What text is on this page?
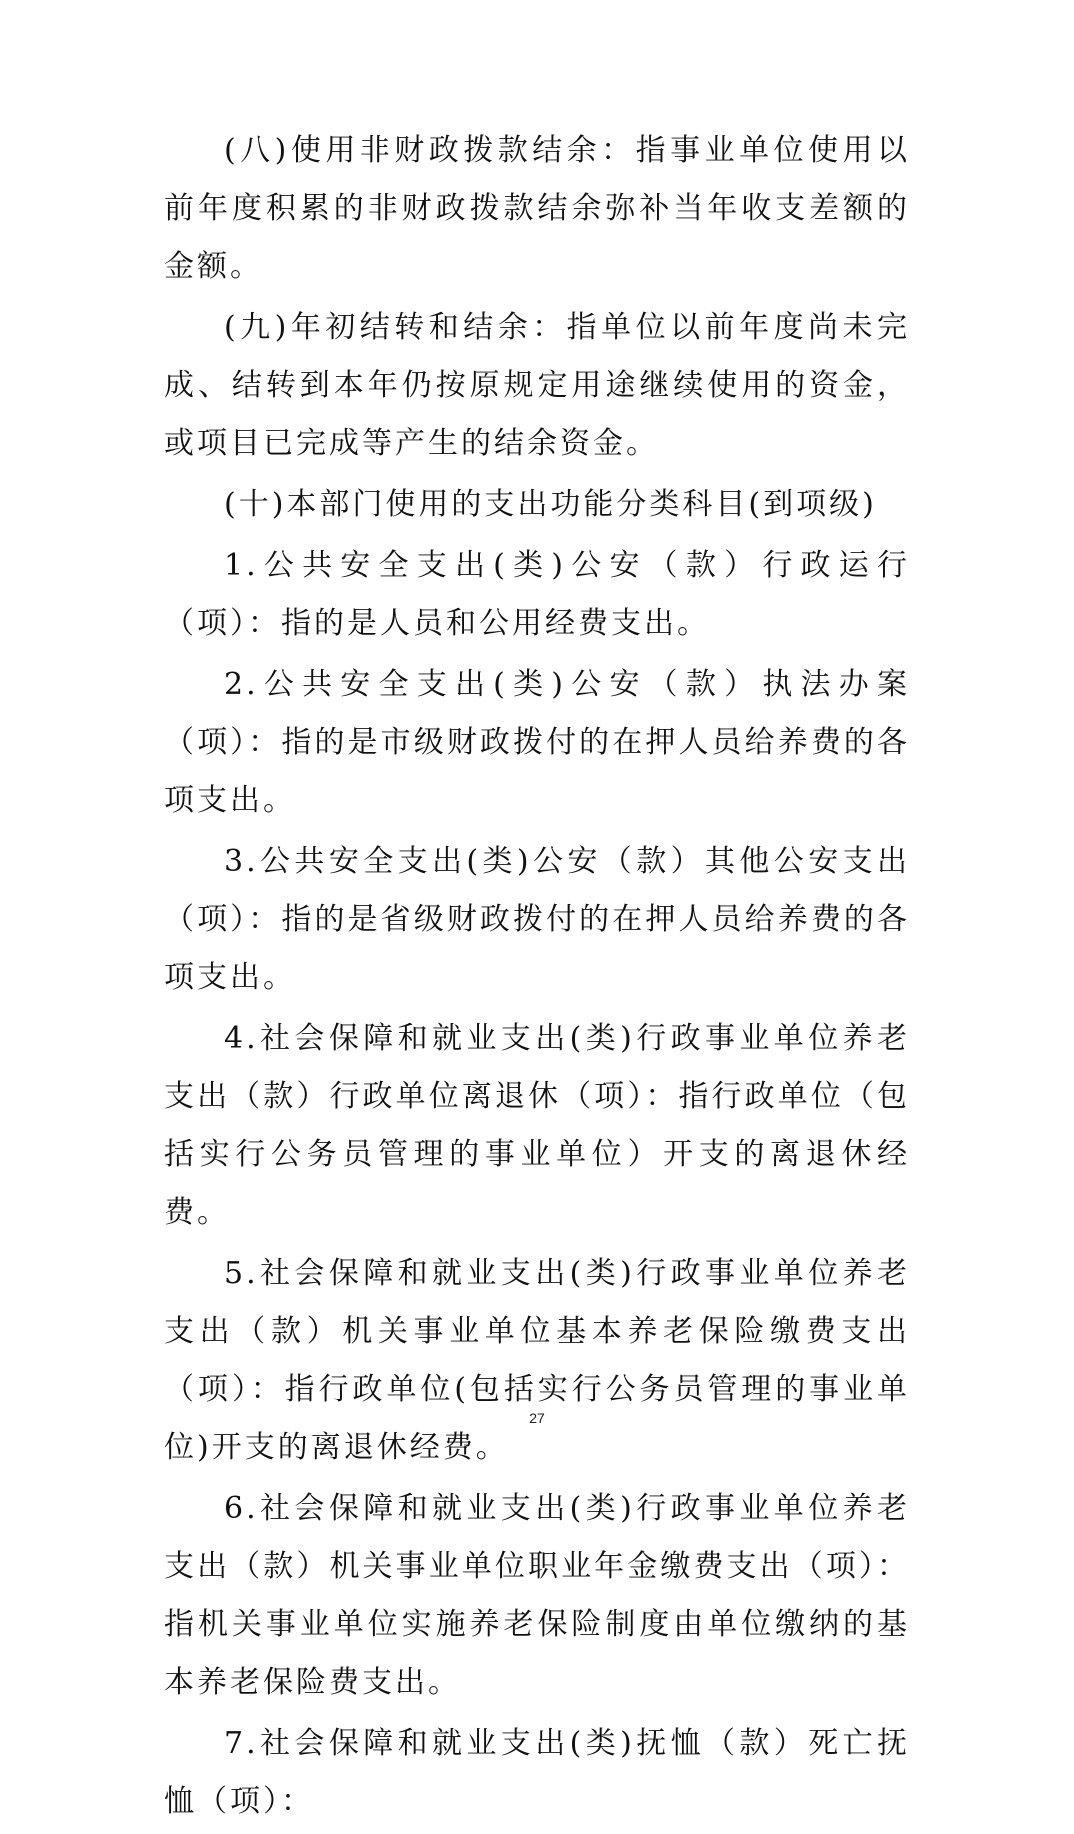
(八)使用非财政拨款结余：指事业单位使用以前年度积累的非财政拨款结余弥补当年收支差额的金额。

(九)年初结转和结余：指单位以前年度尚未完成、结转到本年仍按原规定用途继续使用的资金，或项目已完成等产生的结余资金。

(十)本部门使用的支出功能分类科目(到项级)

1.公共安全支出(类)公安（款）行政运行（项）：指的是人员和公用经费支出。

2.公共安全支出(类)公安（款）执法办案（项）：指的是市级财政拨付的在押人员给养费的各项支出。

3.公共安全支出(类)公安（款）其他公安支出（项）：指的是省级财政拨付的在押人员给养费的各项支出。

4.社会保障和就业支出(类)行政事业单位养老支出（款）行政单位离退休（项）：指行政单位（包括实行公务员管理的事业单位）开支的离退休经费。

5.社会保障和就业支出(类)行政事业单位养老支出（款）机关事业单位基本养老保险缴费支出（项）：指行政单位(包括实行公务员管理的事业单位)开支的离退休经费。

6.社会保障和就业支出(类)行政事业单位养老支出（款）机关事业单位职业年金缴费支出（项）：指机关事业单位实施养老保险制度由单位缴纳的基本养老保险费支出。

7.社会保障和就业支出(类)抚恤（款）死亡抚恤（项）：

27
